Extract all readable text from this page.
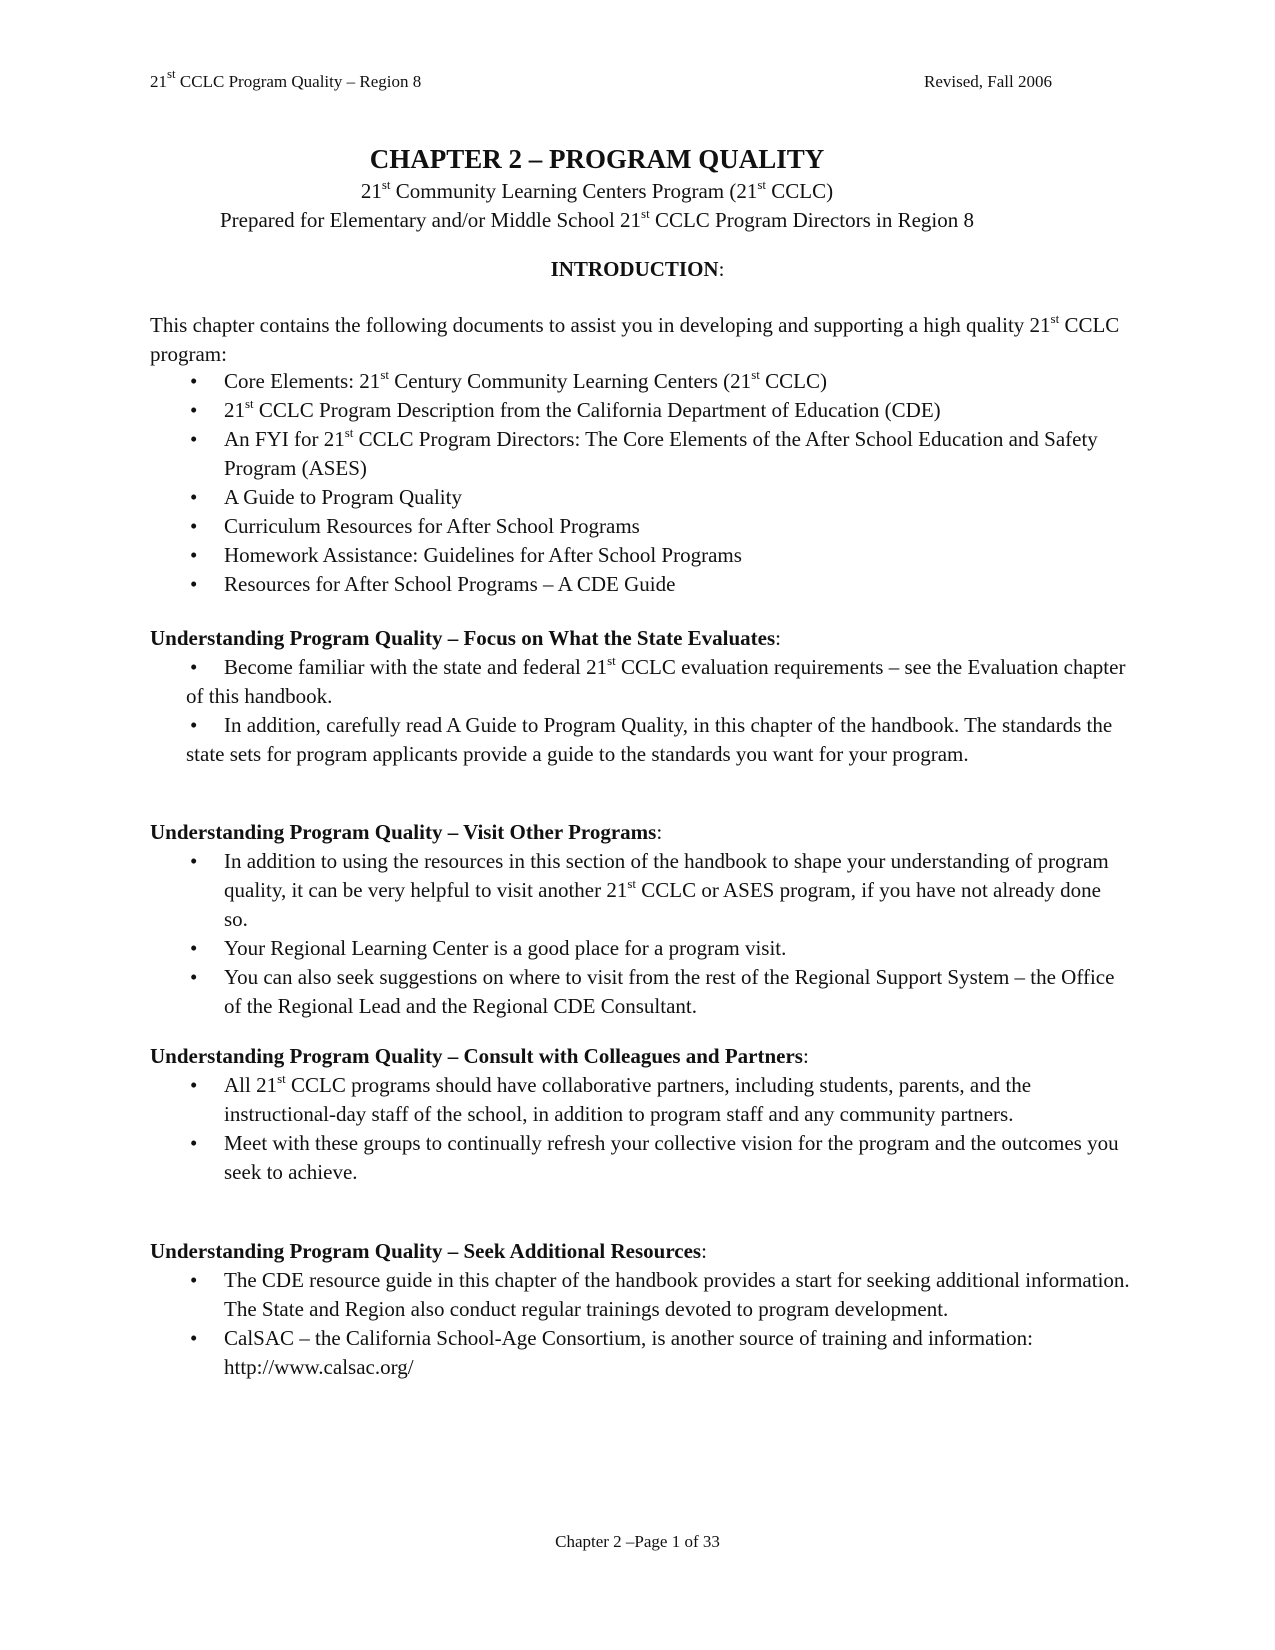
21st CCLC Program Quality – Region 8	Revised, Fall 2006
CHAPTER 2 – PROGRAM QUALITY
21st Community Learning Centers Program (21st CCLC)
Prepared for Elementary and/or Middle School 21st CCLC Program Directors in Region 8
INTRODUCTION:
This chapter contains the following documents to assist you in developing and supporting a high quality 21st CCLC program:
• Core Elements: 21st Century Community Learning Centers (21st CCLC)
• 21st CCLC Program Description from the California Department of Education (CDE)
• An FYI for 21st CCLC Program Directors: The Core Elements of the After School Education and Safety Program (ASES)
• A Guide to Program Quality
• Curriculum Resources for After School Programs
• Homework Assistance: Guidelines for After School Programs
• Resources for After School Programs – A CDE Guide
Understanding Program Quality – Focus on What the State Evaluates:
• Become familiar with the state and federal 21st CCLC evaluation requirements – see the Evaluation chapter of this handbook.
• In addition, carefully read A Guide to Program Quality, in this chapter of the handbook. The standards the state sets for program applicants provide a guide to the standards you want for your program.
Understanding Program Quality – Visit Other Programs:
• In addition to using the resources in this section of the handbook to shape your understanding of program quality, it can be very helpful to visit another 21st CCLC or ASES program, if you have not already done so.
• Your Regional Learning Center is a good place for a program visit.
• You can also seek suggestions on where to visit from the rest of the Regional Support System – the Office of the Regional Lead and the Regional CDE Consultant.
Understanding Program Quality – Consult with Colleagues and Partners:
• All 21st CCLC programs should have collaborative partners, including students, parents, and the instructional-day staff of the school, in addition to program staff and any community partners.
• Meet with these groups to continually refresh your collective vision for the program and the outcomes you seek to achieve.
Understanding Program Quality – Seek Additional Resources:
• The CDE resource guide in this chapter of the handbook provides a start for seeking additional information. The State and Region also conduct regular trainings devoted to program development.
• CalSAC – the California School-Age Consortium, is another source of training and information: http://www.calsac.org/
Chapter 2 –Page 1 of 33
